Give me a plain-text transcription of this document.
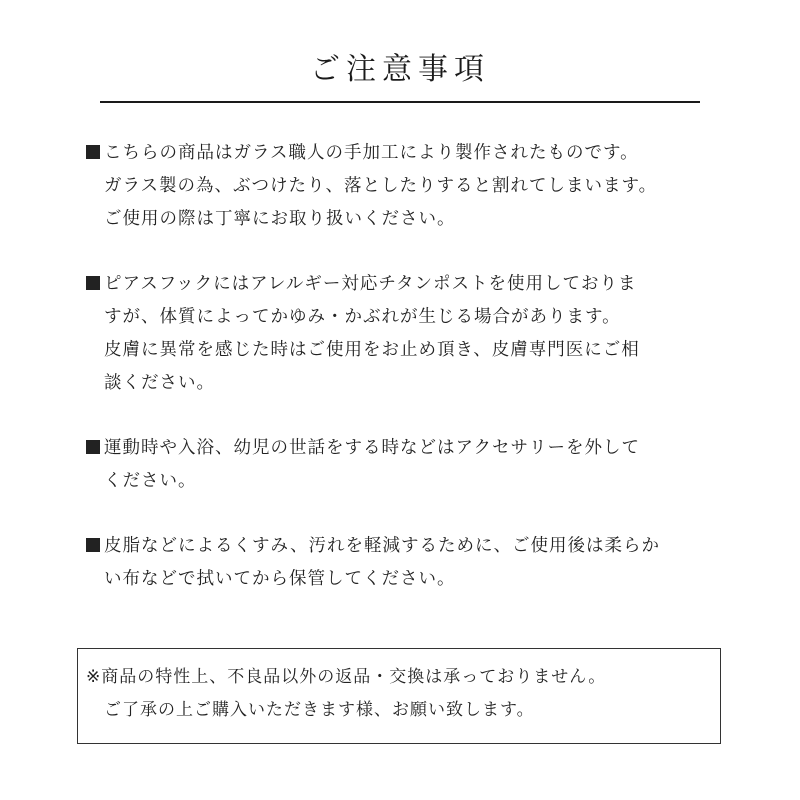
ご注意事項
こちらの商品はガラス職人の手加工により製作されたものです。
ガラス製の為、ぶつけたり、落としたりすると割れてしまいます。
ご使用の際は丁寧にお取り扱いください。
ピアスフックにはアレルギー対応チタンポストを使用しておりま
すが、体質によってかゆみ・かぶれが生じる場合があります。
皮膚に異常を感じた時はご使用をお止め頂き、皮膚専門医にご相
談ください。
運動時や入浴、幼児の世話をする時などはアクセサリーを外して
ください。
皮脂などによるくすみ、汚れを軽減するために、ご使用後は柔らか
い布などで拭いてから保管してください。
※商品の特性上、不良品以外の返品・交換は承っておりません。
ご了承の上ご購入いただきます様、お願い致します。
